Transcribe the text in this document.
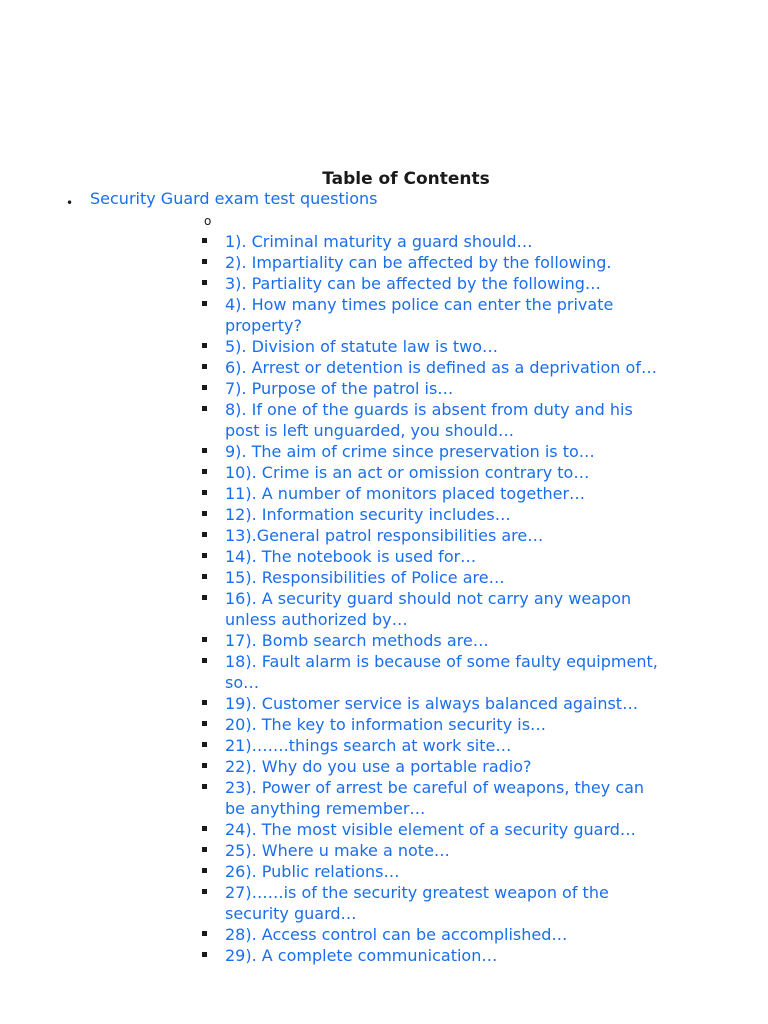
Table of Contents
• Security Guard exam test questions
o
1). Criminal maturity a guard should…
2). Impartiality can be affected by the following.
3). Partiality can be affected by the following…
4). How many times police can enter the private property?
5). Division of statute law is two…
6). Arrest or detention is defined as a deprivation of…
7). Purpose of the patrol is…
8). If one of the guards is absent from duty and his post is left unguarded, you should…
9). The aim of crime since preservation is to…
10). Crime is an act or omission contrary to…
11). A number of monitors placed together…
12). Information security includes…
13).General patrol responsibilities are…
14). The notebook is used for…
15). Responsibilities of Police are…
16). A security guard should not carry any weapon unless authorized by…
17). Bomb search methods are…
18). Fault alarm is because of some faulty equipment, so…
19). Customer service is always balanced against…
20). The key to information security is…
21)…….things search at work site…
22). Why do you use a portable radio?
23). Power of arrest be careful of weapons, they can be anything remember…
24). The most visible element of a security guard…
25). Where u make a note…
26). Public relations…
27)……is of the security greatest weapon of the security guard…
28). Access control can be accomplished…
29). A complete communication…
